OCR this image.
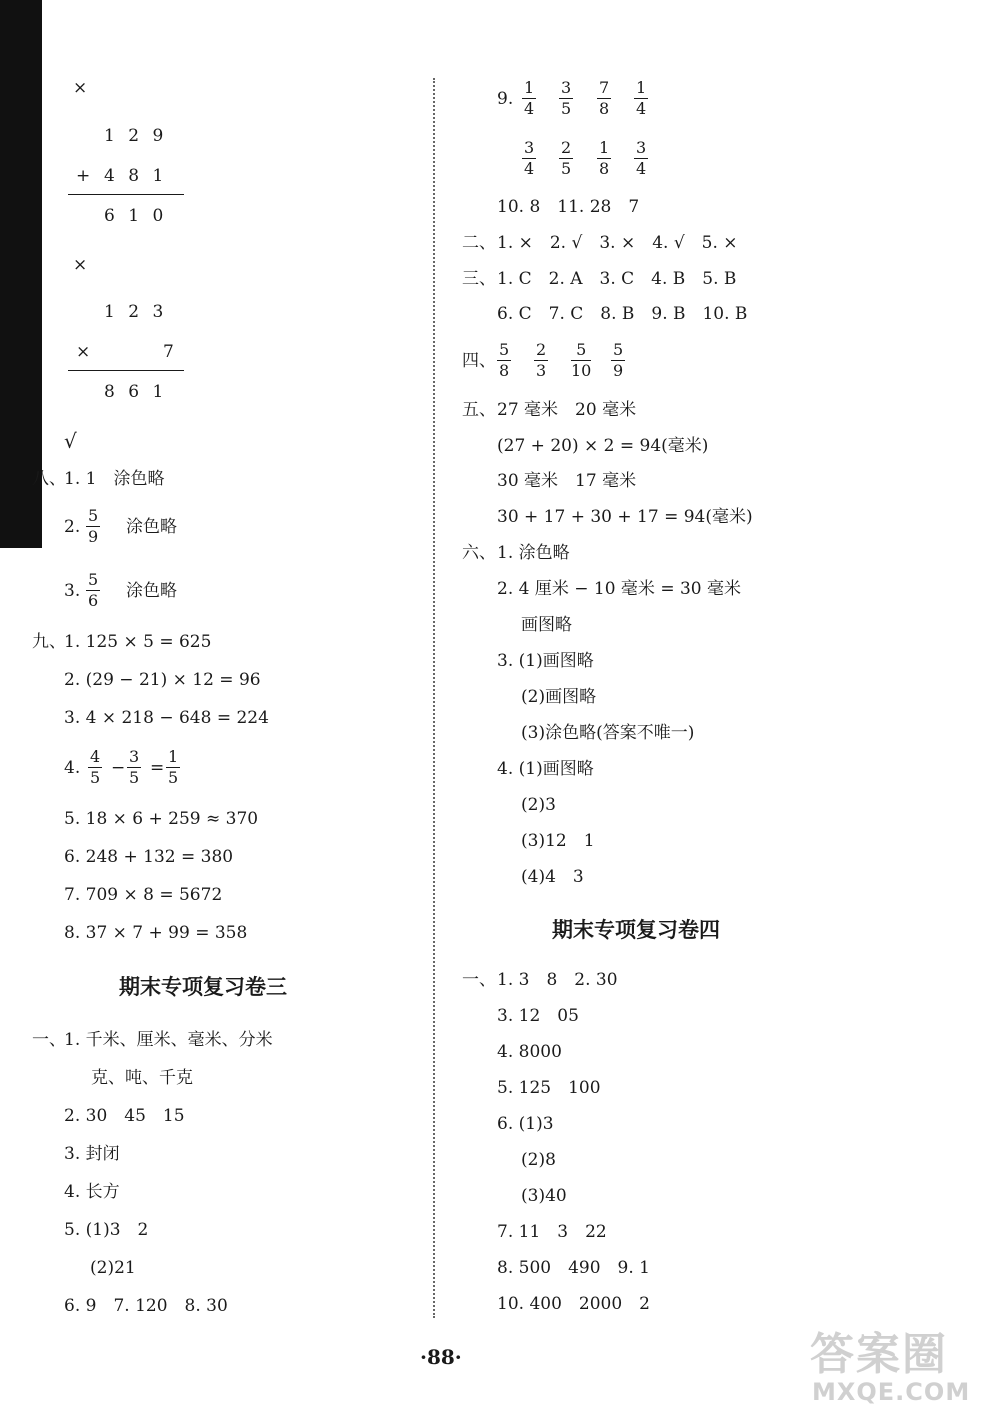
×
1 2 9
+ 4 8 1
6 1 0
×
1 2 3
×	7
8 6 1
√
八、
1. 1　涂色略
2. $\frac{5}{9}$ 涂色略
3. $\frac{5}{6}$ 涂色略
九、
1. 125 × 5 = 625
2. (29 − 21) × 12 = 96
3. 4 × 218 − 648 = 224
4. $\frac{4}{5} - \frac{3}{5} = \frac{1}{5}$
5. 18 × 6 + 259 ≈ 370
6. 248 + 132 = 380
7. 709 × 8 = 5672
8. 37 × 7 + 99 = 358
期末专项复习卷三
一、
1. 千米、厘米、毫米、分米
克、吨、千克
2. 30　45　15
3. 封闭
4. 长方
5. (1)3　2
(2)21
6. 9　7. 120　8. 30
9. $\frac{1}{4} \frac{3}{5} \frac{7}{8} \frac{1}{4}$
$\frac{3}{4} \frac{2}{5} \frac{1}{8} \frac{3}{4}$
10. 8　11. 28　7
二、 1. ×　2. √　3. ×　4. √　5. ×
三、 1. C　2. A　3. C　4. B　5. B
6. C　7. C　8. B　9. B　10. B
四、 $\frac{5}{8} \frac{2}{3} \frac{5}{10} \frac{5}{9}$
五、 27 毫米　20 毫米
(27 + 20) × 2 = 94(毫米)
30 毫米　17 毫米
30 + 17 + 30 + 17 = 94(毫米)
六、 1. 涂色略
2. 4 厘米 − 10 毫米 = 30 毫米
画图略
3. (1)画图略
(2)画图略
(3)涂色略(答案不唯一)
4. (1)画图略
(2)3
(3)12　1
(4)4　3
期末专项复习卷四
一、 1. 3　8　2. 30
3. 12　05
4. 8000
5. 125　100
6. (1)3
(2)8
(3)40
7. 11　3　22
8. 500　490　9. 1
10. 400　2000　2
·88·	答案圈
MXQE.COM
